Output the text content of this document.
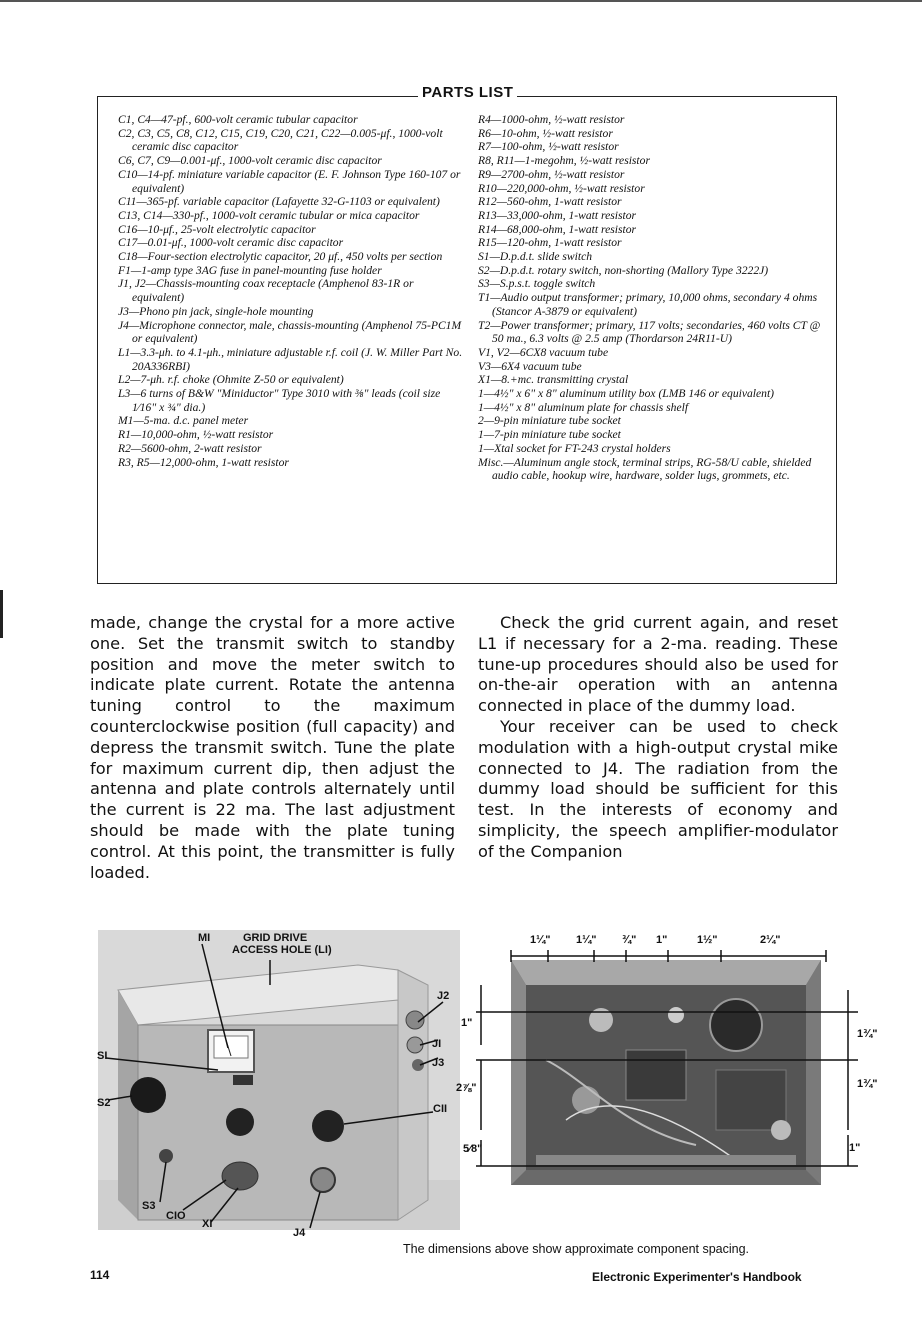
PARTS LIST

C1, C4—47-pf., 600-volt ceramic tubular capacitor

C2, C3, C5, C8, C12, C15, C19, C20, C21, C22—0.005-μf., 1000-volt ceramic disc capacitor

C6, C7, C9—0.001-μf., 1000-volt ceramic disc capacitor

C10—14-pf. miniature variable capacitor (E. F. Johnson Type 160-107 or equivalent)

C11—365-pf. variable capacitor (Lafayette 32-G-1103 or equivalent)

C13, C14—330-pf., 1000-volt ceramic tubular or mica capacitor

C16—10-μf., 25-volt electrolytic capacitor

C17—0.01-μf., 1000-volt ceramic disc capacitor

C18—Four-section electrolytic capacitor, 20 μf., 450 volts per section

F1—1-amp type 3AG fuse in panel-mounting fuse holder

J1, J2—Chassis-mounting coax receptacle (Amphenol 83-1R or equivalent)

J3—Phono pin jack, single-hole mounting

J4—Microphone connector, male, chassis-mounting (Amphenol 75-PC1M or equivalent)

L1—3.3-μh. to 4.1-μh., miniature adjustable r.f. coil (J. W. Miller Part No. 20A336RBI)

L2—7-μh. r.f. choke (Ohmite Z-50 or equivalent)

L3—6 turns of B&W "Miniductor" Type 3010 with ⅜" leads (coil size 1⁄16" x ¾" dia.)

M1—5-ma. d.c. panel meter

R1—10,000-ohm, ½-watt resistor

R2—5600-ohm, 2-watt resistor

R3, R5—12,000-ohm, 1-watt resistor

R4—1000-ohm, ½-watt resistor

R6—10-ohm, ½-watt resistor

R7—100-ohm, ½-watt resistor

R8, R11—1-megohm, ½-watt resistor

R9—2700-ohm, ½-watt resistor

R10—220,000-ohm, ½-watt resistor

R12—560-ohm, 1-watt resistor

R13—33,000-ohm, 1-watt resistor

R14—68,000-ohm, 1-watt resistor

R15—120-ohm, 1-watt resistor

S1—D.p.d.t. slide switch

S2—D.p.d.t. rotary switch, non-shorting (Mallory Type 3222J)

S3—S.p.s.t. toggle switch

T1—Audio output transformer; primary, 10,000 ohms, secondary 4 ohms (Stancor A-3879 or equivalent)

T2—Power transformer; primary, 117 volts; secondaries, 460 volts CT @ 50 ma., 6.3 volts @ 2.5 amp (Thordarson 24R11-U)

V1, V2—6CX8 vacuum tube

V3—6X4 vacuum tube

X1—8.+mc. transmitting crystal

1—4½" x 6" x 8" aluminum utility box (LMB 146 or equivalent)

1—4½" x 8" aluminum plate for chassis shelf

2—9-pin miniature tube socket

1—7-pin miniature tube socket

1—Xtal socket for FT-243 crystal holders

Misc.—Aluminum angle stock, terminal strips, RG-58/U cable, shielded audio cable, hookup wire, hardware, solder lugs, grommets, etc.

made, change the crystal for a more active one. Set the transmit switch to standby position and move the meter switch to indicate plate current. Rotate the antenna tuning control to the maximum counterclockwise position (full capacity) and depress the transmit switch. Tune the plate for maximum current dip, then adjust the antenna and plate controls alternately until the current is 22 ma. The last adjustment should be made with the plate tuning control. At this point, the transmitter is fully loaded.

Check the grid current again, and reset L1 if necessary for a 2-ma. reading. These tune-up procedures should also be used for on-the-air operation with an antenna connected in place of the dummy load.

Your receiver can be used to check modulation with a high-output crystal mike connected to J4. The radiation from the dummy load should be sufficient for this test. In the interests of economy and simplicity, the speech amplifier-modulator of the Companion

MI	GRID DRIVE
ACCESS HOLE (LI)
J2
JI
J3
CII
SI
S2
S3
CIO
XI
J4
1¼" 1¼" ¾" 1"	1½"	2¼"
1"
2⅞"
5⁄8"
1¾"
1¾"
1"
The dimensions above show approximate component spacing.
114	Electronic Experimenter's Handbook
